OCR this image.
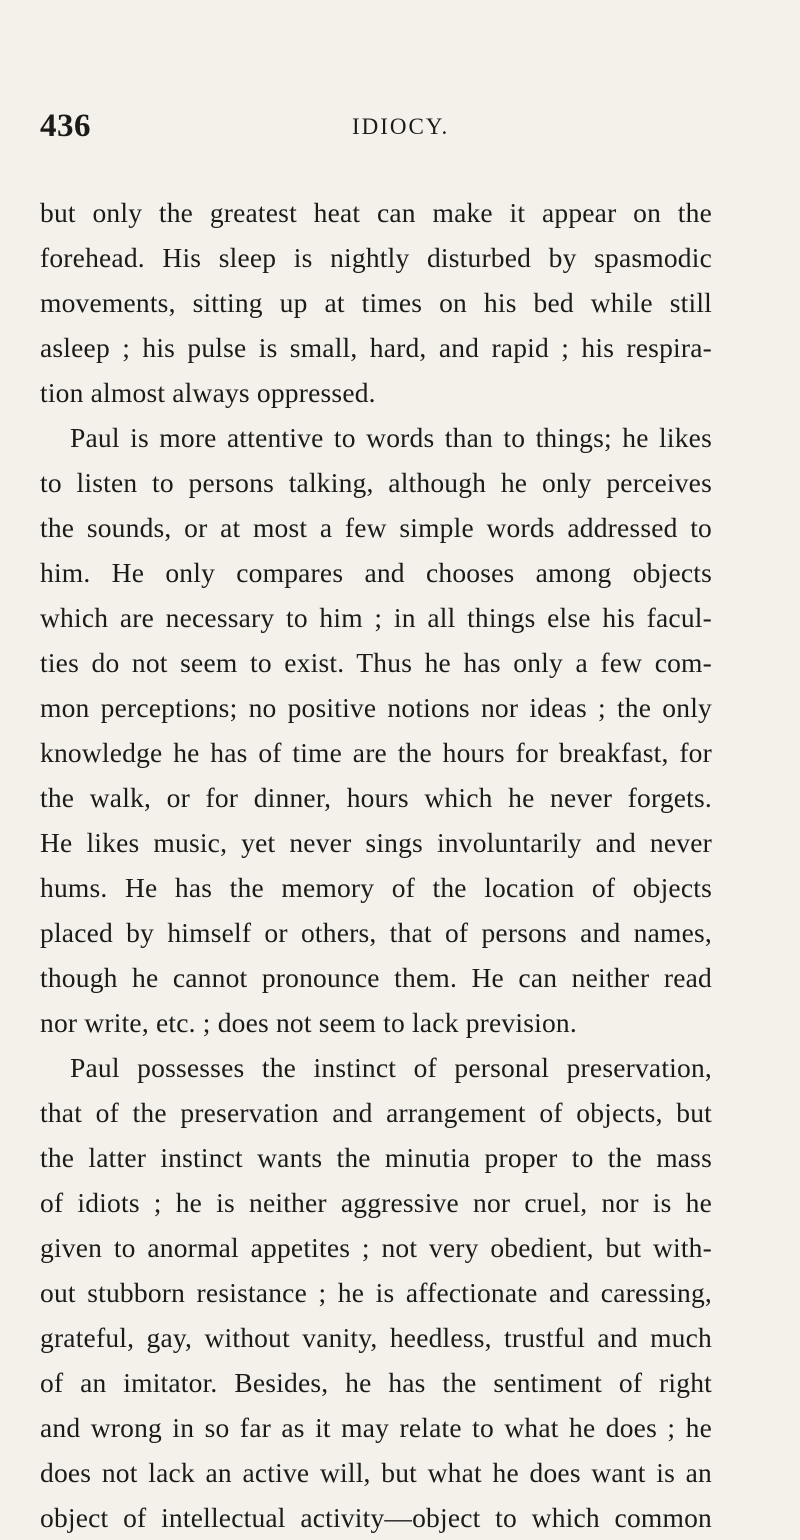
436	IDIOCY.
but only the greatest heat can make it appear on the
forehead. His sleep is nightly disturbed by spasmodic
movements, sitting up at times on his bed while still
asleep ; his pulse is small, hard, and rapid ; his respira-
tion almost always oppressed.
Paul is more attentive to words than to things; he likes
to listen to persons talking, although he only perceives
the sounds, or at most a few simple words addressed to
him. He only compares and chooses among objects
which are necessary to him ; in all things else his facul-
ties do not seem to exist. Thus he has only a few com-
mon perceptions; no positive notions nor ideas ; the only
knowledge he has of time are the hours for breakfast, for
the walk, or for dinner, hours which he never forgets.
He likes music, yet never sings involuntarily and never
hums. He has the memory of the location of objects
placed by himself or others, that of persons and names,
though he cannot pronounce them. He can neither read
nor write, etc. ; does not seem to lack prevision.
Paul possesses the instinct of personal preservation,
that of the preservation and arrangement of objects, but
the latter instinct wants the minutia proper to the mass
of idiots ; he is neither aggressive nor cruel, nor is he
given to anormal appetites ; not very obedient, but with-
out stubborn resistance ; he is affectionate and caressing,
grateful, gay, without vanity, heedless, trustful and much
of an imitator. Besides, he has the sentiment of right
and wrong in so far as it may relate to what he does ; he
does not lack an active will, but what he does want is an
object of intellectual activity—object to which common
